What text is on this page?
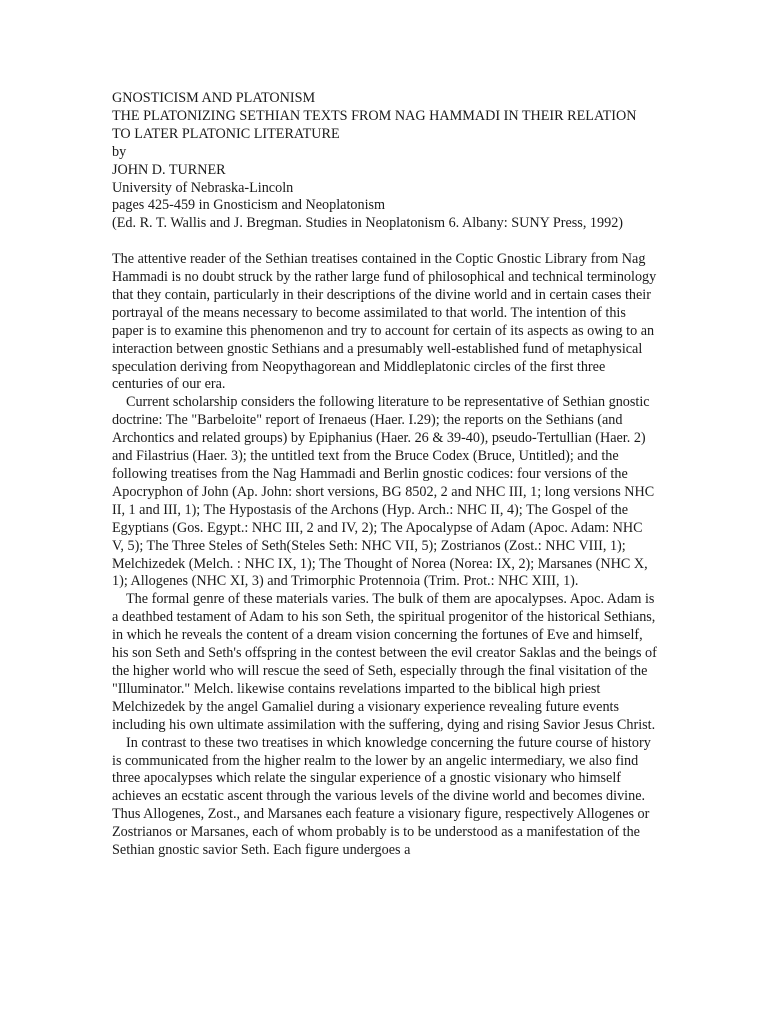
GNOSTICISM AND PLATONISM
THE PLATONIZING SETHIAN TEXTS FROM NAG HAMMADI IN THEIR RELATION TO LATER PLATONIC LITERATURE
by
JOHN D. TURNER
University of Nebraska-Lincoln
pages 425-459 in Gnosticism and Neoplatonism
(Ed. R. T. Wallis and J. Bregman. Studies in Neoplatonism 6. Albany: SUNY Press, 1992)

The attentive reader of the Sethian treatises contained in the Coptic Gnostic Library from Nag Hammadi is no doubt struck by the rather large fund of philosophical and technical terminology that they contain, particularly in their descriptions of the divine world and in certain cases their portrayal of the means necessary to become assimilated to that world. The intention of this paper is to examine this phenomenon and try to account for certain of its aspects as owing to an interaction between gnostic Sethians and a presumably well-established fund of metaphysical speculation deriving from Neopythagorean and Middleplatonic circles of the first three centuries of our era.

Current scholarship considers the following literature to be representative of Sethian gnostic doctrine: The "Barbeloite" report of Irenaeus (Haer. I.29); the reports on the Sethians (and Archontics and related groups) by Epiphanius (Haer. 26 & 39-40), pseudo-Tertullian (Haer. 2) and Filastrius (Haer. 3); the untitled text from the Bruce Codex (Bruce, Untitled); and the following treatises from the Nag Hammadi and Berlin gnostic codices: four versions of the Apocryphon of John (Ap. John: short versions, BG 8502, 2 and NHC III, 1; long versions NHC II, 1 and III, 1); The Hypostasis of the Archons (Hyp. Arch.: NHC II, 4); The Gospel of the Egyptians (Gos. Egypt.: NHC III, 2 and IV, 2); The Apocalypse of Adam (Apoc. Adam: NHC V, 5); The Three Steles of Seth(Steles Seth: NHC VII, 5); Zostrianos (Zost.: NHC VIII, 1); Melchizedek (Melch. : NHC IX, 1); The Thought of Norea (Norea: IX, 2); Marsanes (NHC X, 1); Allogenes (NHC XI, 3) and Trimorphic Protennoia (Trim. Prot.: NHC XIII, 1).

The formal genre of these materials varies. The bulk of them are apocalypses. Apoc. Adam is a deathbed testament of Adam to his son Seth, the spiritual progenitor of the historical Sethians, in which he reveals the content of a dream vision concerning the fortunes of Eve and himself, his son Seth and Seth's offspring in the contest between the evil creator Saklas and the beings of the higher world who will rescue the seed of Seth, especially through the final visitation of the "Illuminator." Melch. likewise contains revelations imparted to the biblical high priest Melchizedek by the angel Gamaliel during a visionary experience revealing future events including his own ultimate assimilation with the suffering, dying and rising Savior Jesus Christ.

In contrast to these two treatises in which knowledge concerning the future course of history is communicated from the higher realm to the lower by an angelic intermediary, we also find three apocalypses which relate the singular experience of a gnostic visionary who himself achieves an ecstatic ascent through the various levels of the divine world and becomes divine. Thus Allogenes, Zost., and Marsanes each feature a visionary figure, respectively Allogenes or Zostrianos or Marsanes, each of whom probably is to be understood as a manifestation of the Sethian gnostic savior Seth. Each figure undergoes a
